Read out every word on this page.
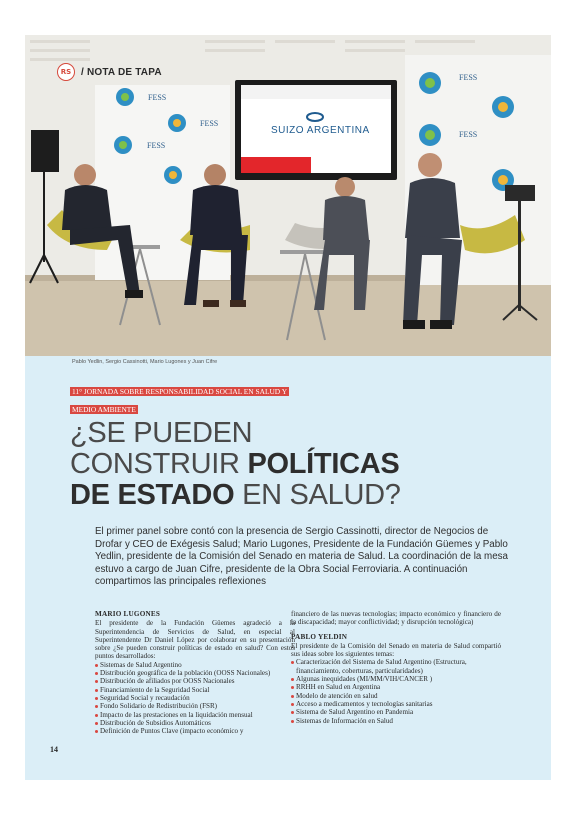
FESS
FESS
FESS
FESS
FESS
SUIZO ARGENTINA
RS / NOTA DE TAPA
Pablo Yedlin, Sergio Cassinotti, Mario Lugones y Juan Cifre
11° JORNADA SOBRE RESPONSABILIDAD SOCIAL EN SALUD Y MEDIO AMBIENTE
¿SE PUEDEN
CONSTRUIR POLÍTICAS
DE ESTADO EN SALUD?
El primer panel sobre contó con la presencia de Sergio Cassinotti, director de Negocios de Drofar y CEO de Exégesis Salud; Mario Lugones, Presidente de la Fundación Güemes y Pablo Yedlin, presidente de la Comisión del Senado en materia de Salud. La coordinación de la mesa estuvo a cargo de Juan Cifre, presidente de la Obra Social Ferroviaria. A continuación compartimos las principales reflexiones
MARIO LUGONES

El presidente de la Fundación Güemes agradeció a la Superintendencia de Servicios de Salud, en especial al Superintendente Dr Daniel López por colaborar en su presentación sobre ¿Se pueden construir políticas de estado en salud? Con estos puntos desarrollados:

Sistemas de Salud Argentino
Distribución geográfica de la población (OOSS Nacionales)
Distribución de afiliados por OOSS Nacionales
Financiamiento de la Seguridad Social
Seguridad Social y recaudación
Fondo Solidario de Redistribución (FSR)
Impacto de las prestaciones en la liquidación mensual
Distribución de Subsidios Automáticos
Definición de Puntos Clave (impacto económico y

financiero de las nuevas tecnologías; impacto económico y financiero de la discapacidad; mayor conflictividad; y disrupción tecnológica)

PABLO YELDIN

El presidente de la Comisión del Senado en materia de Salud compartió sus ideas sobre los siguientes temas:

Caracterización del Sistema de Salud Argentino (Estructura, financiamiento, coberturas, particularidades)
Algunas inequidades (MI/MM/VIH/CANCER )
RRHH en Salud en Argentina
Modelo de atención en salud
Acceso a medicamentos y tecnologías sanitarias
Sistema de Salud Argentino en Pandemia
Sistemas de Información en Salud
14
